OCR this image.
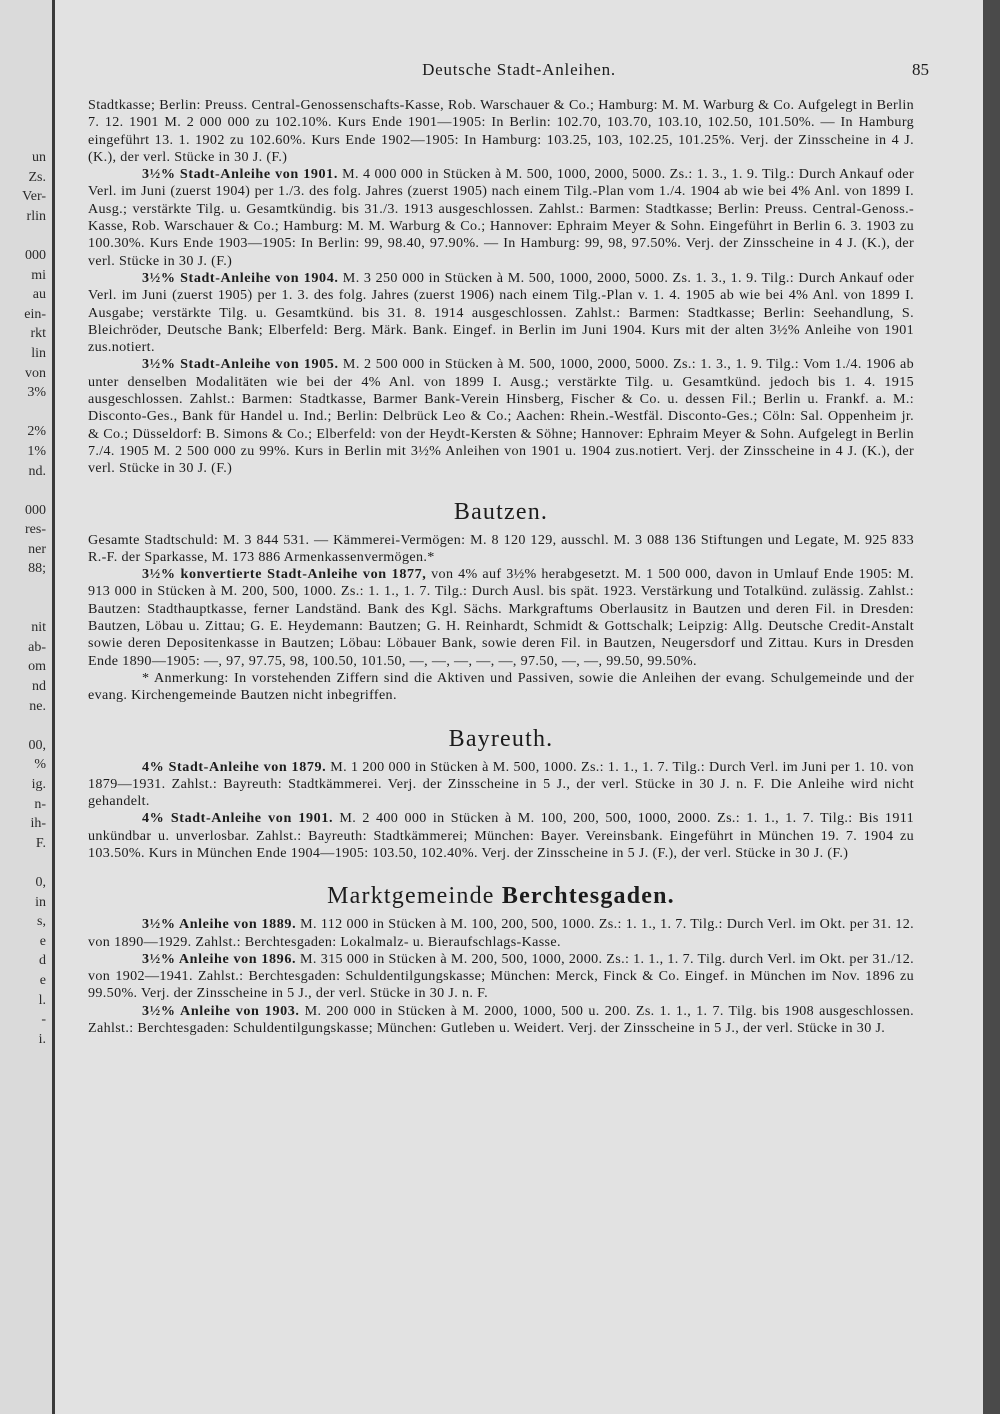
un
Zs.
Ver-
rlin

000
mi
au
ein-
rkt
lin
von
3%

2%
1%
nd.

000
res-
ner
88;

nit
ab-
om
nd
ne.

00,
%
ig.
n-
ih-
F.

0,
in
s,
e
d
e
l.
-
i.
Deutsche Stadt-Anleihen.	85

Stadtkasse; Berlin: Preuss. Central-Genossenschafts-Kasse, Rob. Warschauer & Co.; Hamburg: M. M. Warburg & Co. Aufgelegt in Berlin 7. 12. 1901 M. 2 000 000 zu 102.10%. Kurs Ende 1901—1905: In Berlin: 102.70, 103.70, 103.10, 102.50, 101.50%. — In Hamburg eingeführt 13. 1. 1902 zu 102.60%. Kurs Ende 1902—1905: In Hamburg: 103.25, 103, 102.25, 101.25%. Verj. der Zinsscheine in 4 J. (K.), der verl. Stücke in 30 J. (F.)

3½% Stadt-Anleihe von 1901. M. 4 000 000 in Stücken à M. 500, 1000, 2000, 5000. Zs.: 1. 3., 1. 9. Tilg.: Durch Ankauf oder Verl. im Juni (zuerst 1904) per 1./3. des folg. Jahres (zuerst 1905) nach einem Tilg.-Plan vom 1./4. 1904 ab wie bei 4% Anl. von 1899 I. Ausg.; verstärkte Tilg. u. Gesamtkündig. bis 31./3. 1913 ausgeschlossen. Zahlst.: Barmen: Stadtkasse; Berlin: Preuss. Central-Genoss.-Kasse, Rob. Warschauer & Co.; Hamburg: M. M. Warburg & Co.; Hannover: Ephraim Meyer & Sohn. Eingeführt in Berlin 6. 3. 1903 zu 100.30%. Kurs Ende 1903—1905: In Berlin: 99, 98.40, 97.90%. — In Hamburg: 99, 98, 97.50%. Verj. der Zinsscheine in 4 J. (K.), der verl. Stücke in 30 J. (F.)

3½% Stadt-Anleihe von 1904. M. 3 250 000 in Stücken à M. 500, 1000, 2000, 5000. Zs. 1. 3., 1. 9. Tilg.: Durch Ankauf oder Verl. im Juni (zuerst 1905) per 1. 3. des folg. Jahres (zuerst 1906) nach einem Tilg.-Plan v. 1. 4. 1905 ab wie bei 4% Anl. von 1899 I. Ausgabe; verstärkte Tilg. u. Gesamtkünd. bis 31. 8. 1914 ausgeschlossen. Zahlst.: Barmen: Stadtkasse; Berlin: Seehandlung, S. Bleichröder, Deutsche Bank; Elberfeld: Berg. Märk. Bank. Eingef. in Berlin im Juni 1904. Kurs mit der alten 3½% Anleihe von 1901 zus.notiert.

3½% Stadt-Anleihe von 1905. M. 2 500 000 in Stücken à M. 500, 1000, 2000, 5000. Zs.: 1. 3., 1. 9. Tilg.: Vom 1./4. 1906 ab unter denselben Modalitäten wie bei der 4% Anl. von 1899 I. Ausg.; verstärkte Tilg. u. Gesamtkünd. jedoch bis 1. 4. 1915 ausgeschlossen. Zahlst.: Barmen: Stadtkasse, Barmer Bank-Verein Hinsberg, Fischer & Co. u. dessen Fil.; Berlin u. Frankf. a. M.: Disconto-Ges., Bank für Handel u. Ind.; Berlin: Delbrück Leo & Co.; Aachen: Rhein.-Westfäl. Disconto-Ges.; Cöln: Sal. Oppenheim jr. & Co.; Düsseldorf: B. Simons & Co.; Elberfeld: von der Heydt-Kersten & Söhne; Hannover: Ephraim Meyer & Sohn. Aufgelegt in Berlin 7./4. 1905 M. 2 500 000 zu 99%. Kurs in Berlin mit 3½% Anleihen von 1901 u. 1904 zus.notiert. Verj. der Zinsscheine in 4 J. (K.), der verl. Stücke in 30 J. (F.)

Bautzen.

Gesamte Stadtschuld: M. 3 844 531. — Kämmerei-Vermögen: M. 8 120 129, ausschl. M. 3 088 136 Stiftungen und Legate, M. 925 833 R.-F. der Sparkasse, M. 173 886 Armenkassenvermögen.*

3½% konvertierte Stadt-Anleihe von 1877, von 4% auf 3½% herabgesetzt. M. 1 500 000, davon in Umlauf Ende 1905: M. 913 000 in Stücken à M. 200, 500, 1000. Zs.: 1. 1., 1. 7. Tilg.: Durch Ausl. bis spät. 1923. Verstärkung und Totalkünd. zulässig. Zahlst.: Bautzen: Stadthauptkasse, ferner Landständ. Bank des Kgl. Sächs. Markgraftums Oberlausitz in Bautzen und deren Fil. in Dresden: Bautzen, Löbau u. Zittau; G. E. Heydemann: Bautzen; G. H. Reinhardt, Schmidt & Gottschalk; Leipzig: Allg. Deutsche Credit-Anstalt sowie deren Depositenkasse in Bautzen; Löbau: Löbauer Bank, sowie deren Fil. in Bautzen, Neugersdorf und Zittau. Kurs in Dresden Ende 1890—1905: —, 97, 97.75, 98, 100.50, 101.50, —, —, —, —, —, 97.50, —, —, 99.50, 99.50%.

* Anmerkung: In vorstehenden Ziffern sind die Aktiven und Passiven, sowie die Anleihen der evang. Schulgemeinde und der evang. Kirchengemeinde Bautzen nicht inbegriffen.

Bayreuth.

4% Stadt-Anleihe von 1879. M. 1 200 000 in Stücken à M. 500, 1000. Zs.: 1. 1., 1. 7. Tilg.: Durch Verl. im Juni per 1. 10. von 1879—1931. Zahlst.: Bayreuth: Stadtkämmerei. Verj. der Zinsscheine in 5 J., der verl. Stücke in 30 J. n. F. Die Anleihe wird nicht gehandelt.

4% Stadt-Anleihe von 1901. M. 2 400 000 in Stücken à M. 100, 200, 500, 1000, 2000. Zs.: 1. 1., 1. 7. Tilg.: Bis 1911 unkündbar u. unverlosbar. Zahlst.: Bayreuth: Stadtkämmerei; München: Bayer. Vereinsbank. Eingeführt in München 19. 7. 1904 zu 103.50%. Kurs in München Ende 1904—1905: 103.50, 102.40%. Verj. der Zinsscheine in 5 J. (F.), der verl. Stücke in 30 J. (F.)

Marktgemeinde Berchtesgaden.

3½% Anleihe von 1889. M. 112 000 in Stücken à M. 100, 200, 500, 1000. Zs.: 1. 1., 1. 7. Tilg.: Durch Verl. im Okt. per 31. 12. von 1890—1929. Zahlst.: Berchtesgaden: Lokalmalz- u. Bieraufschlags-Kasse.

3½% Anleihe von 1896. M. 315 000 in Stücken à M. 200, 500, 1000, 2000. Zs.: 1. 1., 1. 7. Tilg. durch Verl. im Okt. per 31./12. von 1902—1941. Zahlst.: Berchtesgaden: Schuldentilgungskasse; München: Merck, Finck & Co. Eingef. in München im Nov. 1896 zu 99.50%. Verj. der Zinsscheine in 5 J., der verl. Stücke in 30 J. n. F.

3½% Anleihe von 1903. M. 200 000 in Stücken à M. 2000, 1000, 500 u. 200. Zs. 1. 1., 1. 7. Tilg. bis 1908 ausgeschlossen. Zahlst.: Berchtesgaden: Schuldentilgungskasse; München: Gutleben u. Weidert. Verj. der Zinsscheine in 5 J., der verl. Stücke in 30 J.
